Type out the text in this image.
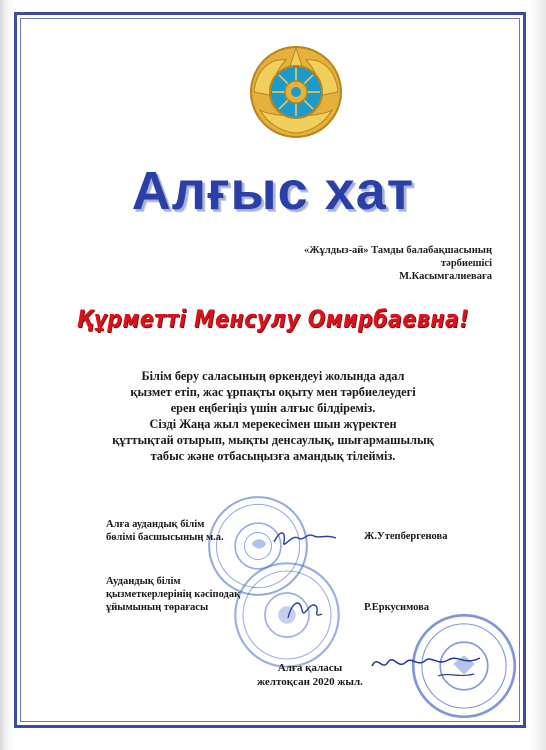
Алғыс хат
«Жұлдыз-ай» Тамды балабақшасының
тәрбиешісі
М.Касымгалиеваға
Құрметті Менсулу Омирбаевна!
Білім беру саласының өркендеуі жолында адал
қызмет етіп, жас ұрпақты оқыту мен тәрбиелеудегі
ерен еңбегіңіз үшін алғыс білдіреміз.
Сізді Жаңа жыл мерекесімен шын жүректен
құттықтай отырып, мықты денсаулық, шығармашылық
табыс және отбасыңызға амандық тілейміз.
Алға аудандық білім
бөлімі басшысының м.а.	Ж.Утепбергенова
Аудандық білім
қызметкерлерінің кәсіподақ
ұйымының төрағасы	Р.Еркусимова
Алға қаласы
желтоқсан 2020 жыл.
